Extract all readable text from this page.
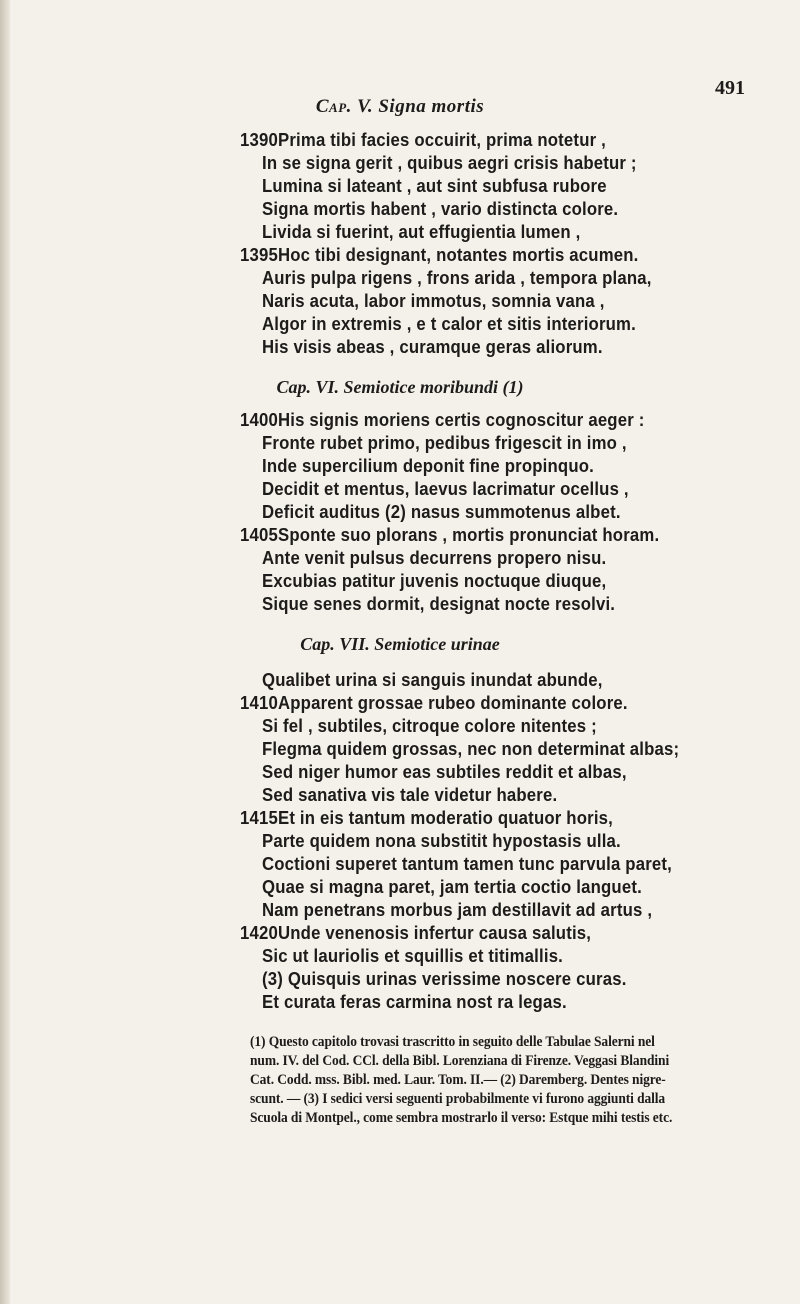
491
Cap. V. Signa mortis
1390Prima tibi facies occuirit, prima notetur ,
In se signa gerit , quibus aegri crisis habetur ;
Lumina si lateant , aut sint subfusa rubore
Signa mortis habent , vario distincta colore.
Livida si fuerint, aut effugientia lumen ,
1395Hoc tibi designant, notantes mortis acumen.
Auris pulpa rigens , frons arida , tempora plana,
Naris acuta, labor immotus, somnia vana ,
Algor in extremis , e t calor et sitis interiorum.
His visis abeas , curamque geras aliorum.
Cap. VI. Semiotice moribundi (1)
1400His signis moriens certis cognoscitur aeger :
Fronte rubet primo, pedibus frigescit in imo ,
Inde supercilium deponit fine propinquo.
Decidit et mentus, laevus lacrimatur ocellus ,
Deficit auditus (2) nasus summotenus albet.
1405Sponte suo plorans , mortis pronunciat horam.
Ante venit pulsus decurrens propero nisu.
Excubias patitur juvenis noctuque diuque,
Sique senes dormit, designat nocte resolvi.
Cap. VII. Semiotice urinae
Qualibet urina si sanguis inundat abunde,
1410Apparent grossae rubeo dominante colore.
Si fel , subtiles, citroque colore nitentes ;
Flegma quidem grossas, nec non determinat albas;
Sed niger humor eas subtiles reddit et albas,
Sed sanativa vis tale videtur habere.
1415Et in eis tantum moderatio quatuor horis,
Parte quidem nona substitit hypostasis ulla.
Coctioni superet tantum tamen tunc parvula paret,
Quae si magna paret, jam tertia coctio languet.
Nam penetrans morbus jam destillavit ad artus ,
1420Unde venenosis infertur causa salutis,
Sic ut lauriolis et squillis et titimallis.
(3) Quisquis urinas verissime noscere curas.
Et curata feras carmina nost ra legas.
(1) Questo capitolo trovasi trascritto in seguito delle Tabulae Salerni nel
num. IV. del Cod. CCl. della Bibl. Lorenziana di Firenze. Veggasi Blandini
Cat. Codd. mss. Bibl. med. Laur. Tom. II.— (2) Daremberg. Dentes nigre-
scunt. — (3) I sedici versi seguenti probabilmente vi furono aggiunti dalla
Scuola di Montpel., come sembra mostrarlo il verso: Estque mihi testis etc.
